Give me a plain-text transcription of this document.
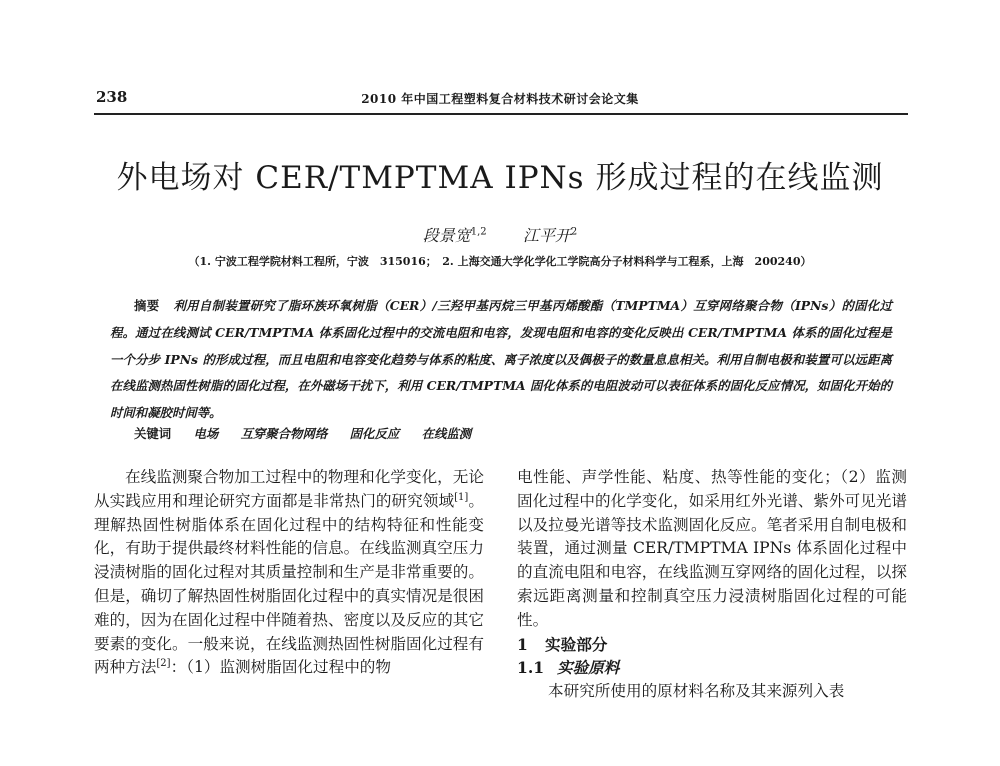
238	2010 年中国工程塑料复合材料技术研讨会论文集
外电场对 CER/TMPTMA IPNs 形成过程的在线监测
段景宽$^{1,2}$ 江平开$^2$
（1. 宁波工程学院材料工程所，宁波　315016；　2. 上海交通大学化学化工学院高分子材料科学与工程系，上海　200240）
摘要 利用自制装置研究了脂环族环氧树脂（CER）/三羟甲基丙烷三甲基丙烯酸酯（TMPTMA）互穿网络聚合物（IPNs）的固化过程。通过在线测试 CER/TMPTMA 体系固化过程中的交流电阻和电容，发现电阻和电容的变化反映出 CER/TMPTMA 体系的固化过程是一个分步 IPNs 的形成过程，而且电阻和电容变化趋势与体系的粘度、离子浓度以及偶极子的数量息息相关。利用自制电极和装置可以远距离在线监测热固性树脂的固化过程，在外磁场干扰下，利用 CER/TMPTMA 固化体系的电阻波动可以表征体系的固化反应情况，如固化开始的时间和凝胶时间等。
关键词 电场 互穿聚合物网络 固化反应 在线监测

在线监测聚合物加工过程中的物理和化学变化，无论从实践应用和理论研究方面都是非常热门的研究领域[1]。理解热固性树脂体系在固化过程中的结构特征和性能变化，有助于提供最终材料性能的信息。在线监测真空压力浸渍树脂的固化过程对其质量控制和生产是非常重要的。但是，确切了解热固性树脂固化过程中的真实情况是很困难的，因为在固化过程中伴随着热、密度以及反应的其它要素的变化。一般来说，在线监测热固性树脂固化过程有两种方法[2]：（1）监测树脂固化过程中的物

电性能、声学性能、粘度、热等性能的变化；（2）监测固化过程中的化学变化，如采用红外光谱、紫外可见光谱以及拉曼光谱等技术监测固化反应。笔者采用自制电极和装置，通过测量 CER/TMPTMA IPNs 体系固化过程中的直流电阻和电容，在线监测互穿网络的固化过程，以探索远距离测量和控制真空压力浸渍树脂固化过程的可能性。

1 实验部分

1.1 实验原料

本研究所使用的原材料名称及其来源列入表
